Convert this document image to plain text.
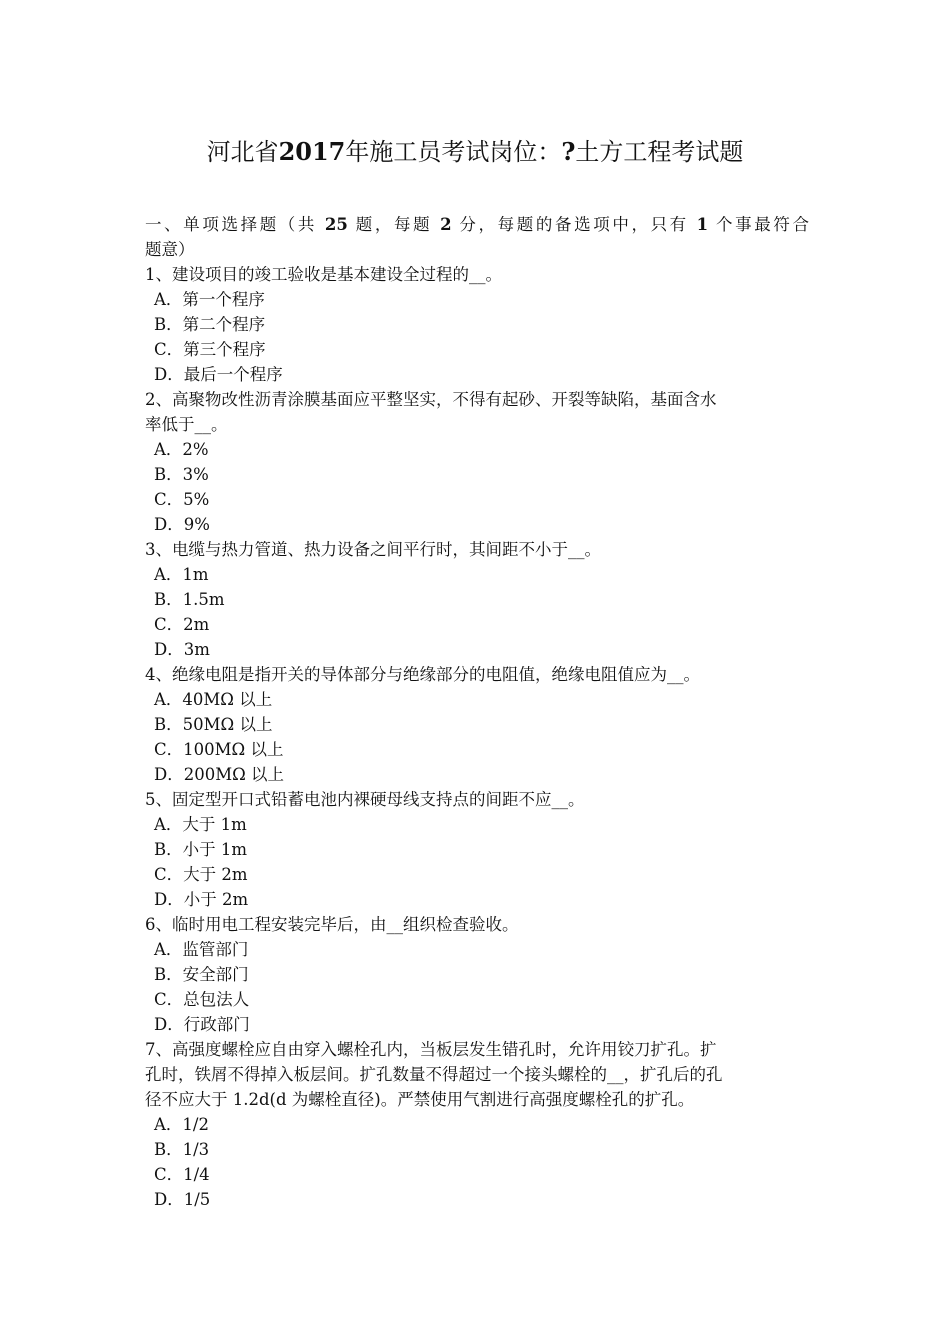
河北省2017年施工员考试岗位：?土方工程考试题
一、单项选择题（共 25 题，每题 2 分，每题的备选项中，只有 1 个事最符合
题意）
1、建设项目的竣工验收是基本建设全过程的__。
A．第一个程序
B．第二个程序
C．第三个程序
D．最后一个程序
2、高聚物改性沥青涂膜基面应平整坚实，不得有起砂、开裂等缺陷，基面含水
率低于__。
A．2%
B．3%
C．5%
D．9%
3、电缆与热力管道、热力设备之间平行时，其间距不小于__。
A．1m
B．1.5m
C．2m
D．3m
4、绝缘电阻是指开关的导体部分与绝缘部分的电阻值，绝缘电阻值应为__。
A．40MΩ 以上
B．50MΩ 以上
C．100MΩ 以上
D．200MΩ 以上
5、固定型开口式铅蓄电池内裸硬母线支持点的间距不应__。
A．大于 1m
B．小于 1m
C．大于 2m
D．小于 2m
6、临时用电工程安装完毕后，由__组织检查验收。
A．监管部门
B．安全部门
C．总包法人
D．行政部门
7、高强度螺栓应自由穿入螺栓孔内，当板层发生错孔时，允许用铰刀扩孔。扩
孔时，铁屑不得掉入板层间。扩孔数量不得超过一个接头螺栓的__，扩孔后的孔
径不应大于 1.2d(d 为螺栓直径)。严禁使用气割进行高强度螺栓孔的扩孔。
A．1/2
B．1/3
C．1/4
D．1/5
